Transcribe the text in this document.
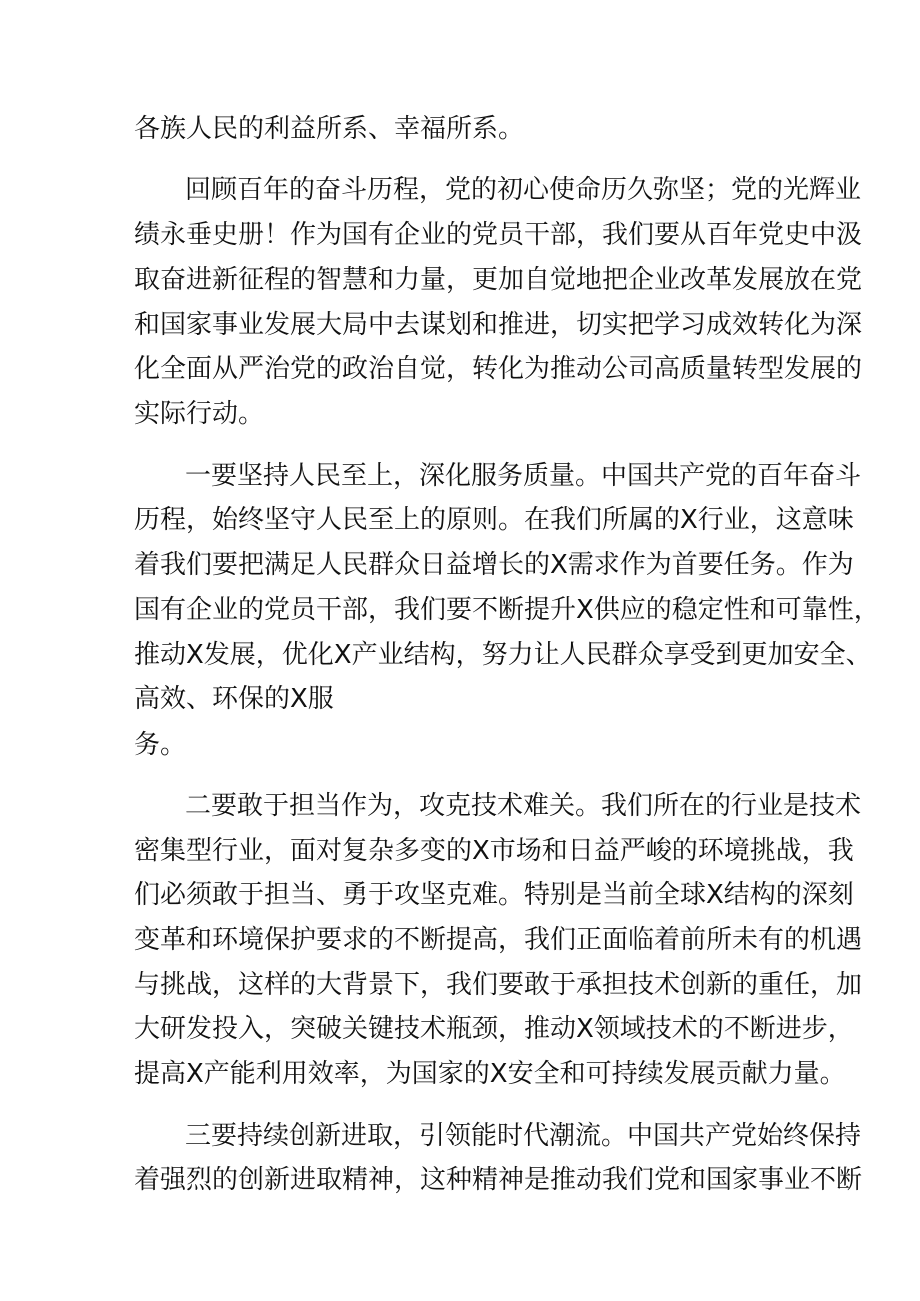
各族人民的利益所系、幸福所系。
回顾百年的奋斗历程，党的初心使命历久弥坚；党的光辉业
绩永垂史册！作为国有企业的党员干部，我们要从百年党史中汲
取奋进新征程的智慧和力量，更加自觉地把企业改革发展放在党
和国家事业发展大局中去谋划和推进，切实把学习成效转化为深
化全面从严治党的政治自觉，转化为推动公司高质量转型发展的
实际行动。
一要坚持人民至上，深化服务质量。中国共产党的百年奋斗
历程，始终坚守人民至上的原则。在我们所属的X行业，这意味
着我们要把满足人民群众日益增长的X需求作为首要任务。作为
国有企业的党员干部，我们要不断提升X供应的稳定性和可靠性，
推动X发展，优化X产业结构，努力让人民群众享受到更加安全、
高效、环保的X服
务。
二要敢于担当作为，攻克技术难关。我们所在的行业是技术
密集型行业，面对复杂多变的X市场和日益严峻的环境挑战，我
们必须敢于担当、勇于攻坚克难。特别是当前全球X结构的深刻
变革和环境保护要求的不断提高，我们正面临着前所未有的机遇
与挑战，这样的大背景下，我们要敢于承担技术创新的重任，加
大研发投入，突破关键技术瓶颈，推动X领域技术的不断进步，
提高X产能利用效率，为国家的X安全和可持续发展贡献力量。
三要持续创新进取，引领能时代潮流。中国共产党始终保持
着强烈的创新进取精神，这种精神是推动我们党和国家事业不断
